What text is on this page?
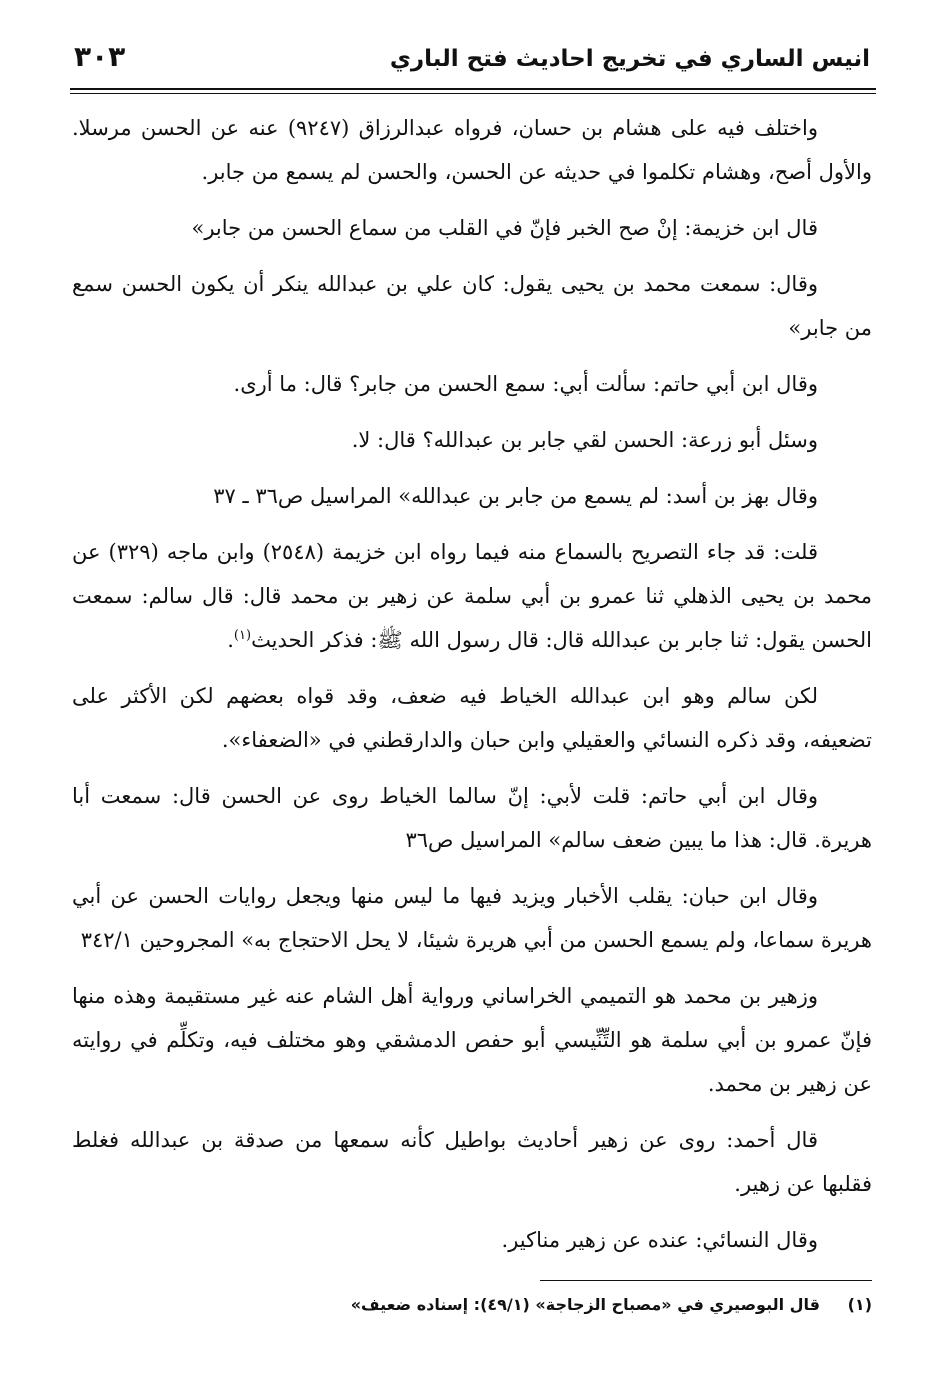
انيس الساري في تخريج احاديث فتح الباري
٣٠٣

واختلف فيه على هشام بن حسان، فرواه عبدالرزاق (٩٢٤٧) عنه عن الحسن مرسلا. والأول أصح، وهشام تكلموا في حديثه عن الحسن، والحسن لم يسمع من جابر.

قال ابن خزيمة: إنْ صح الخبر فإنّ في القلب من سماع الحسن من جابر»

وقال: سمعت محمد بن يحيى يقول: كان علي بن عبدالله ينكر أن يكون الحسن سمع من جابر»

وقال ابن أبي حاتم: سألت أبي: سمع الحسن من جابر؟ قال: ما أرى.

وسئل أبو زرعة: الحسن لقي جابر بن عبدالله؟ قال: لا.

وقال بهز بن أسد: لم يسمع من جابر بن عبدالله» المراسيل ص٣٦ ـ ٣٧

قلت: قد جاء التصريح بالسماع منه فيما رواه ابن خزيمة (٢٥٤٨) وابن ماجه (٣٢٩) عن محمد بن يحيى الذهلي ثنا عمرو بن أبي سلمة عن زهير بن محمد قال: قال سالم: سمعت الحسن يقول: ثنا جابر بن عبدالله قال: قال رسول الله ﷺ: فذكر الحديث$^{(١)}$.

لكن سالم وهو ابن عبدالله الخياط فيه ضعف، وقد قواه بعضهم لكن الأكثر على تضعيفه، وقد ذكره النسائي والعقيلي وابن حبان والدارقطني في «الضعفاء».

وقال ابن أبي حاتم: قلت لأبي: إنّ سالما الخياط روى عن الحسن قال: سمعت أبا هريرة. قال: هذا ما يبين ضعف سالم» المراسيل ص٣٦

وقال ابن حبان: يقلب الأخبار ويزيد فيها ما ليس منها ويجعل روايات الحسن عن أبي هريرة سماعا، ولم يسمع الحسن من أبي هريرة شيئا، لا يحل الاحتجاج به» المجروحين ٣٤٢/١

وزهير بن محمد هو التميمي الخراساني ورواية أهل الشام عنه غير مستقيمة وهذه منها فإنّ عمرو بن أبي سلمة هو التِّنِّيسي أبو حفص الدمشقي وهو مختلف فيه، وتكلِّم في روايته عن زهير بن محمد.

قال أحمد: روى عن زهير أحاديث بواطيل كأنه سمعها من صدقة بن عبدالله فغلط فقلبها عن زهير.

وقال النسائي: عنده عن زهير مناكير.

(١) قال البوصيري في «مصباح الزجاجة» (٤٩/١): إسناده ضعيف»
